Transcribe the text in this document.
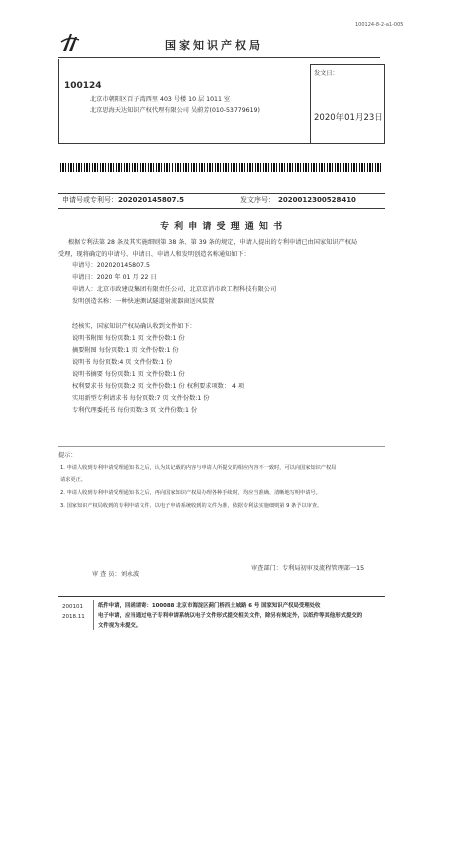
100124-8-2-a1-005
国家知识产权局
100124
北京市朝阳区百子湾西里 403 号楼 10 层 1011 室
北京思海天达知识产权代理有限公司 吴蔚芳(010-53779619)
发文日：
2020年01月23日
申请号或专利号： 202020145807.5	发文序号： 2020012300528410
专 利 申 请 受 理 通 知 书
根据专利法第 28 条及其实施细则第 38 条、第 39 条的规定，申请人提出的专利申请已由国家知识产权局
受理，现将确定的申请号、申请日、申请人和发明创造名称通知如下：
申请号：202020145807.5
申请日：2020 年 01 月 22 日
申请人：北京市政建设集团有限责任公司，北京京消市政工程科技有限公司
发明创造名称：一种快速测试隧道射流器窗送风装置
经核实，国家知识产权局确认收到文件如下：
说明书附图 每份页数:1 页 文件份数:1 份
摘要附图 每份页数:1 页 文件份数:1 份
说明书 每份页数:4 页 文件份数:1 份
说明书摘要 每份页数:1 页 文件份数:1 份
权利要求书 每份页数:2 页 文件份数:1 份 权利要求项数： 4 项
实用新型专利请求书 每份页数:7 页 文件份数:1 份
专利代理委托书 每份页数:3 页 文件份数:1 份
提示：
1. 申请人收到专利申请受理通知书之后，认为其记载的内容与申请人所提交的相应内容不一致时，可以向国家知识产权局
请求更正。
2. 申请人收到专利申请受理通知书之后，再向国家知识产权局办理各种手续时，均应当准确、清晰地写明申请号。
3. 国家知识产权局收到的专利申请文件，以电子申请系统收到的文件为准，依据专利法实施细则第 9 条予以审查。
审 查 员：刘永波
审查部门：专利局初审及流程管理部一15
200101
2018.11
纸件申请，回函请寄：100088 北京市海淀区蓟门桥西土城路 6 号 国家知识产权局受理处收
电子申请，应当通过电子专利申请系统以电子文件形式提交相关文件，除另有规定外，以纸件等其他形式提交的
文件视为未提交。
